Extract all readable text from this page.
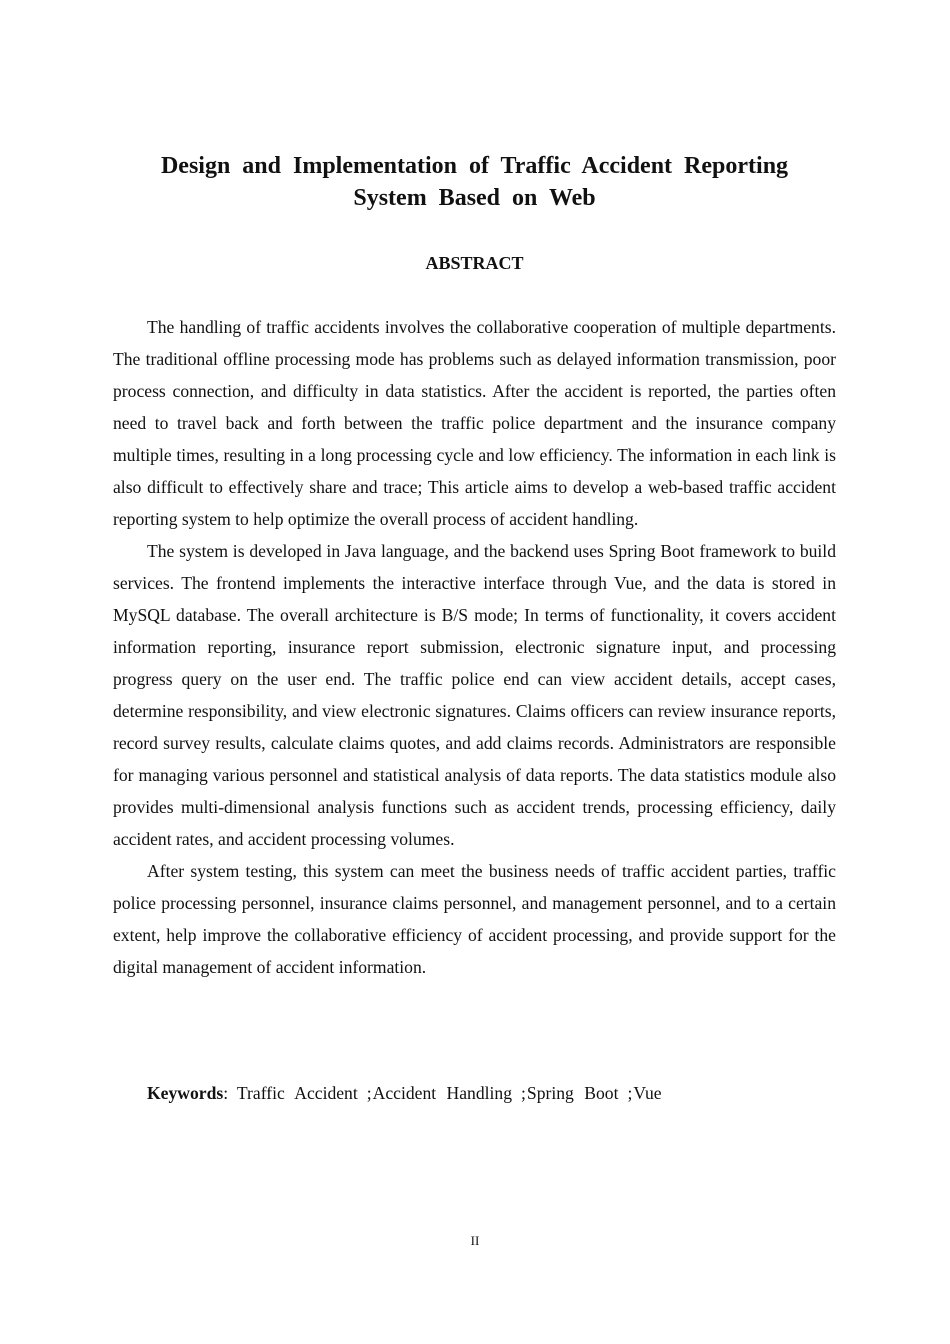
Design and Implementation of Traffic Accident Reporting
System Based on Web
ABSTRACT

The handling of traffic accidents involves the collaborative cooperation of multiple departments. The traditional offline processing mode has problems such as delayed information transmission, poor process connection, and difficulty in data statistics. After the accident is reported, the parties often need to travel back and forth between the traffic police department and the insurance company multiple times, resulting in a long processing cycle and low efficiency. The information in each link is also difficult to effectively share and trace; This article aims to develop a web-based traffic accident reporting system to help optimize the overall process of accident handling.

The system is developed in Java language, and the backend uses Spring Boot framework to build services. The frontend implements the interactive interface through Vue, and the data is stored in MySQL database. The overall architecture is B/S mode; In terms of functionality, it covers accident information reporting, insurance report submission, electronic signature input, and processing progress query on the user end. The traffic police end can view accident details, accept cases, determine responsibility, and view electronic signatures. Claims officers can review insurance reports, record survey results, calculate claims quotes, and add claims records. Administrators are responsible for managing various personnel and statistical analysis of data reports. The data statistics module also provides multi-dimensional analysis functions such as accident trends, processing efficiency, daily accident rates, and accident processing volumes.

After system testing, this system can meet the business needs of traffic accident parties, traffic police processing personnel, insurance claims personnel, and management personnel, and to a certain extent, help improve the collaborative efficiency of accident processing, and provide support for the digital management of accident information.

Keywords: Traffic Accident ;Accident Handling ;Spring Boot ;Vue
II
